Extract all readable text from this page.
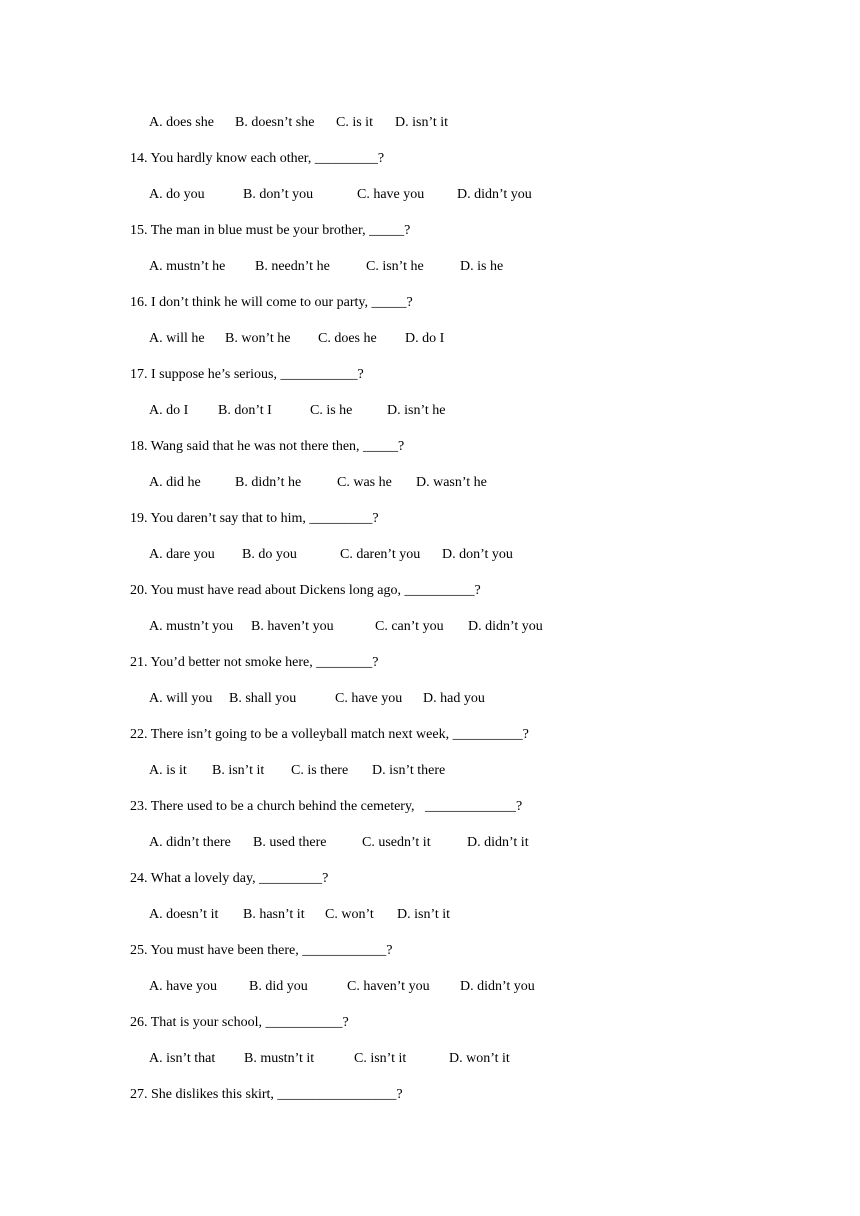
A. does she

B. doesn’t she

C. is it

D. isn’t it

14. You hardly know each other, _________?

A. do you

	B. don’t you

	C. have you

D. didn’t you

15. The man in blue must be your brother, _____?

A. mustn’t he

B. needn’t he

	C. isn’t he

	D. is he

16. I don’t think he will come to our party, _____?

A. will he

B. won’t he

C. does he

D. do I

17. I suppose he’s serious, ___________?

A. do I

B. don’t I

	C. is he

D. isn’t he

18. Wang said that he was not there then, _____?

A. did he

B. didn’t he

	C. was he

D. wasn’t he

19. You daren’t say that to him, _________?

A. dare you

B. do you

	C. daren’t you

D. don’t you

20. You must have read about Dickens long ago, __________?

A. mustn’t you

B. haven’t you

	C. can’t you

D. didn’t you

21. You’d better not smoke here, ________?

A. will you

B. shall you

	C. have you

D. had you

22. There isn’t going to be a volleyball match next week, __________?

A. is it

B. isn’t it

C. is there

D. isn’t there

23. There used to be a church behind the cemetery,   _____________?

A. didn’t there

B. used there

	C. usedn’t it

	D. didn’t it

24. What a lovely day, _________?

A. doesn’t it

B. hasn’t it

C. won’t

D. isn’t it

25. You must have been there, ____________?

A. have you

B. did you

	C. haven’t you

D. didn’t you

26. That is your school, ___________?

A. isn’t that

B. mustn’t it

	C. isn’t it

	D. won’t it

27. She dislikes this skirt, _________________?
